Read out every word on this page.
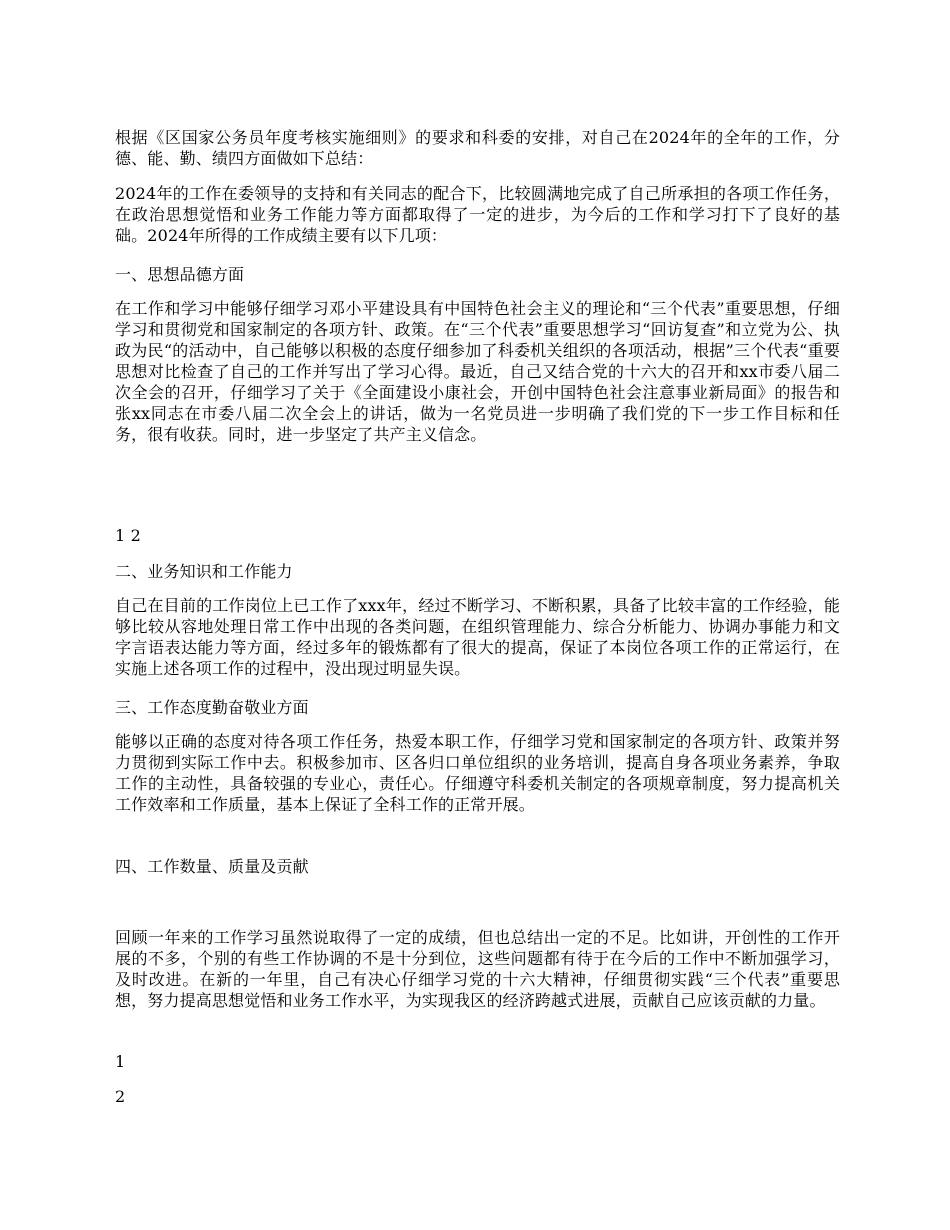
根据《区国家公务员年度考核实施细则》的要求和科委的安排，对自己在2024年的全年的工作，分德、能、勤、绩四方面做如下总结：

2024年的工作在委领导的支持和有关同志的配合下，比较圆满地完成了自己所承担的各项工作任务，在政治思想觉悟和业务工作能力等方面都取得了一定的进步，为今后的工作和学习打下了良好的基础。2024年所得的工作成绩主要有以下几项：

一、思想品德方面

在工作和学习中能够仔细学习邓小平建设具有中国特色社会主义的理论和“三个代表”重要思想，仔细学习和贯彻党和国家制定的各项方针、政策。在“三个代表”重要思想学习“回访复查”和立党为公、执政为民“的活动中，自己能够以积极的态度仔细参加了科委机关组织的各项活动，根据”三个代表“重要思想对比检查了自己的工作并写出了学习心得。最近，自己又结合党的十六大的召开和xx市委八届二次全会的召开，仔细学习了关于《全面建设小康社会，开创中国特色社会注意事业新局面》的报告和张xx同志在市委八届二次全会上的讲话，做为一名党员进一步明确了我们党的下一步工作目标和任务，很有收获。同时，进一步坚定了共产主义信念。

1 2

二、业务知识和工作能力

自己在目前的工作岗位上已工作了xxx年，经过不断学习、不断积累，具备了比较丰富的工作经验，能够比较从容地处理日常工作中出现的各类问题，在组织管理能力、综合分析能力、协调办事能力和文字言语表达能力等方面，经过多年的锻炼都有了很大的提高，保证了本岗位各项工作的正常运行，在实施上述各项工作的过程中，没出现过明显失误。

三、工作态度勤奋敬业方面

能够以正确的态度对待各项工作任务，热爱本职工作，仔细学习党和国家制定的各项方针、政策并努力贯彻到实际工作中去。积极参加市、区各归口单位组织的业务培训，提高自身各项业务素养，争取工作的主动性，具备较强的专业心，责任心。仔细遵守科委机关制定的各项规章制度，努力提高机关工作效率和工作质量，基本上保证了全科工作的正常开展。

四、工作数量、质量及贡献

回顾一年来的工作学习虽然说取得了一定的成绩，但也总结出一定的不足。比如讲，开创性的工作开展的不多，个别的有些工作协调的不是十分到位，这些问题都有待于在今后的工作中不断加强学习，及时改进。在新的一年里，自己有决心仔细学习党的十六大精神，仔细贯彻实践“三个代表”重要思想，努力提高思想觉悟和业务工作水平，为实现我区的经济跨越式进展，贡献自己应该贡献的力量。

1

2
